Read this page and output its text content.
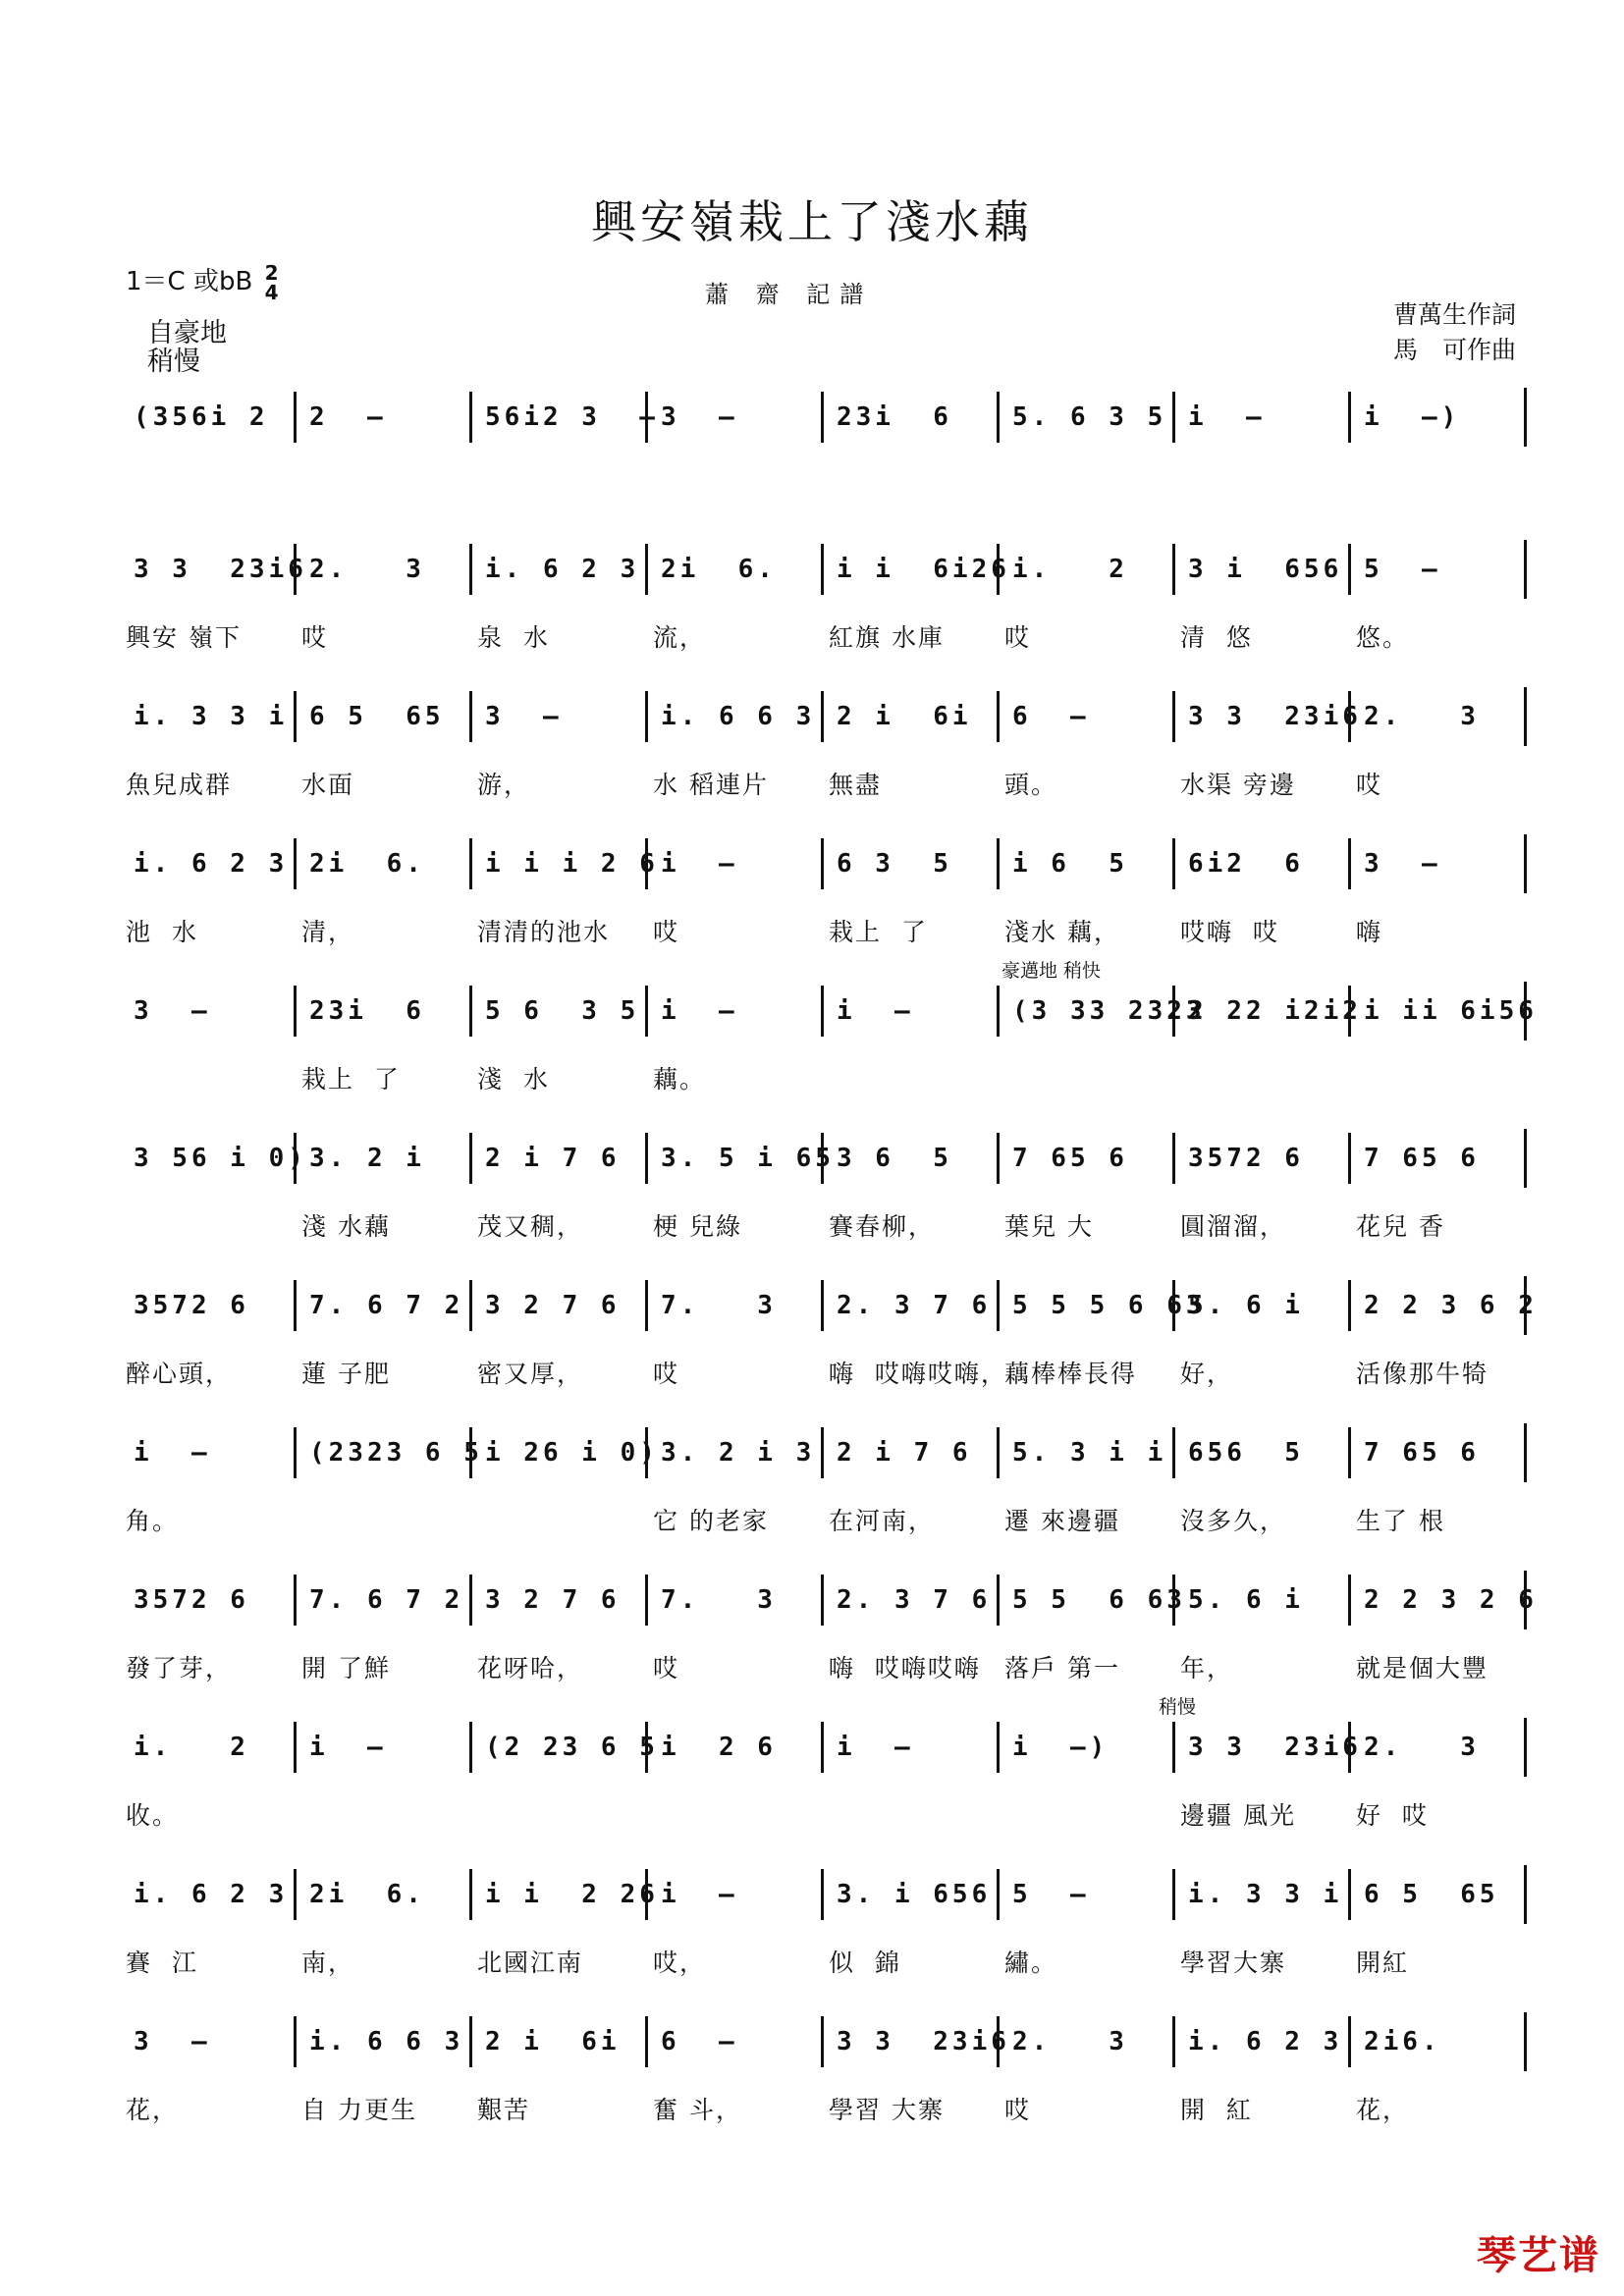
興安嶺栽上了淺水藕
1＝C 或bB 2
4
自豪地
稍慢
蕭 齋 記譜
曹萬生作詞
馬　可作曲
(356i 2	2  —	56i2 3  — 3  —	23i  6	5. 6 3 5 i  —	i  —)
3 3  23i6 2.   3	i. 6 2 3 2i  6.	i i  6i26 i.   2	3 i  656 5  —
興安 嶺下 哎	泉  水	流，	紅旗 水庫 哎	清  悠	悠。
i. 3 3 i 6 5  65	3  —	i. 6 6 3 2 i  6i	6  —	3 3  23i6 2.   3
魚兒成群	水面	游，	水 稻連片 無盡	頭。	水渠 旁邊 哎
i. 6 2 3 2i  6.	i i i 2 6 i  —	6 3  5	i 6  5	6i2  6	3  —
池  水	清，	清清的池水 哎	栽上  了	淺水 藕， 哎嗨  哎	嗨
豪邁地 稍快
3  —	23i  6	5 6  3 5 i  —	i  —	(3 33 2323
2 22 i2i2 i ii 6i56
栽上  了	淺  水	藕。
3 56 i 0) 3. 2 i	2 i 7 6	3. 5 i 65 3 6  5	7 65 6	3572 6	7 65 6
淺 水藕	茂又稠，	梗 兒綠	賽春柳，	葉兒 大	圓溜溜，	花兒 香
3572 6	7. 6 7 2 3 2 7 6	7.   3	2. 3 7 6 5 5 5 6 63
5. 6 i	2 2 3 6 2
醉心頭，	蓮 子肥	密又厚，	哎	嗨  哎嗨哎嗨，
藕棒棒長得 好，	活像那牛犄
i  —	(2323 6 5 i 26 i 0) 3. 2 i 3 2 i 7 6	5. 3 i i 656  5	7 65 6
角。	它 的老家 在河南，	遷 來邊疆 沒多久，	生了 根
3572 6	7. 6 7 2 3 2 7 6	7.   3	2. 3 7 6 5 5  6 63 5. 6 i	2 2 3 2 6
發了芽，	開 了鮮	花呀哈，	哎	嗨  哎嗨哎嗨 落戶 第一 年，	就是個大豐
稍慢
i.   2	i  —	(2 23 6 5 i  2 6	i  —	i  —)	3 3  23i6 2.   3
收。	邊疆 風光 好  哎
i. 6 2 3 2i  6.	i i  2 26 i  —	3. i 656 5  —	i. 3 3 i 6 5  65
賽  江	南，	北國江南	哎，	似  錦	繡。	學習大寨	開紅
3  —	i. 6 6 3 2 i  6i	6  —	3 3  23i6 2.   3	i. 6 2 3 2i6.
花，	自 力更生 艱苦	奮 斗，	學習 大寨 哎	開  紅	花，
琴艺谱
